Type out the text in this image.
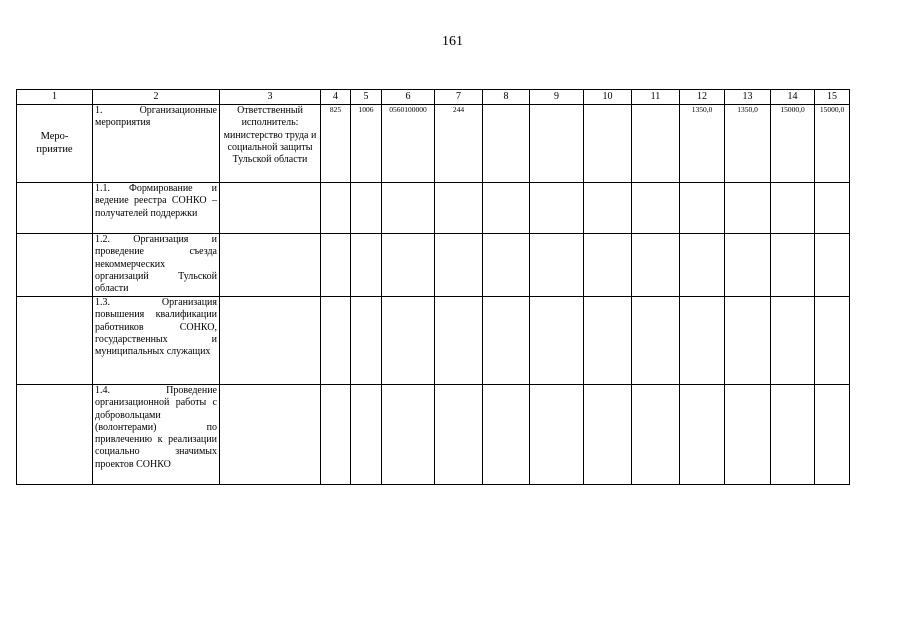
161
1	2	3	4	5	6	7	8	9	10	11	12	13	14	15
Меро-приятие	1. Организационные мероприятия	Ответственный исполнитель: министерство труда и социальной защиты Тульской области	825	1006	0560100000	244					1350,0	1350,0	15000,0	15000,0
	1.1. Формирование и ведение реестра СОНКО – получателей поддержки													
	1.2. Организация и проведение съезда некоммерческих организаций Тульской области													
	1.3. Организация повышения квалификации работников СОНКО, государственных и муниципальных служащих													
	1.4. Проведение организационной работы с добровольцами (волонтерами) по привлечению к реализации социально значимых проектов СОНКО													
